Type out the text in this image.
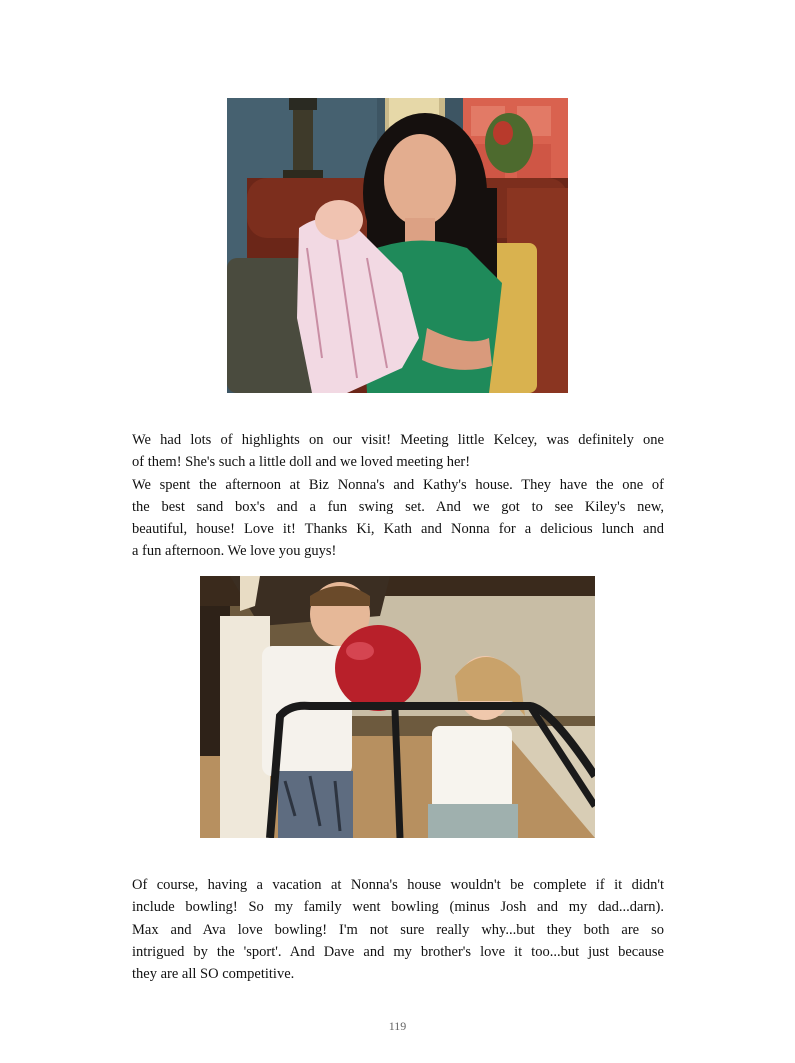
We had lots of highlights on our visit! Meeting little Kelcey, was definitely one
of them! She's such a little doll and we loved meeting her!
We spent the afternoon at Biz Nonna's and Kathy's house. They have the one of
the best sand box's and a fun swing set. And we got to see Kiley's new,
beautiful, house! Love it! Thanks Ki, Kath and Nonna for a delicious lunch and
a fun afternoon. We love you guys!
Of course, having a vacation at Nonna's house wouldn't be complete if it didn't
include bowling! So my family went bowling (minus Josh and my dad...darn).
Max and Ava love bowling! I'm not sure really why...but they both are so
intrigued by the 'sport'. And Dave and my brother's love it too...but just because
they are all SO competitive.
119
